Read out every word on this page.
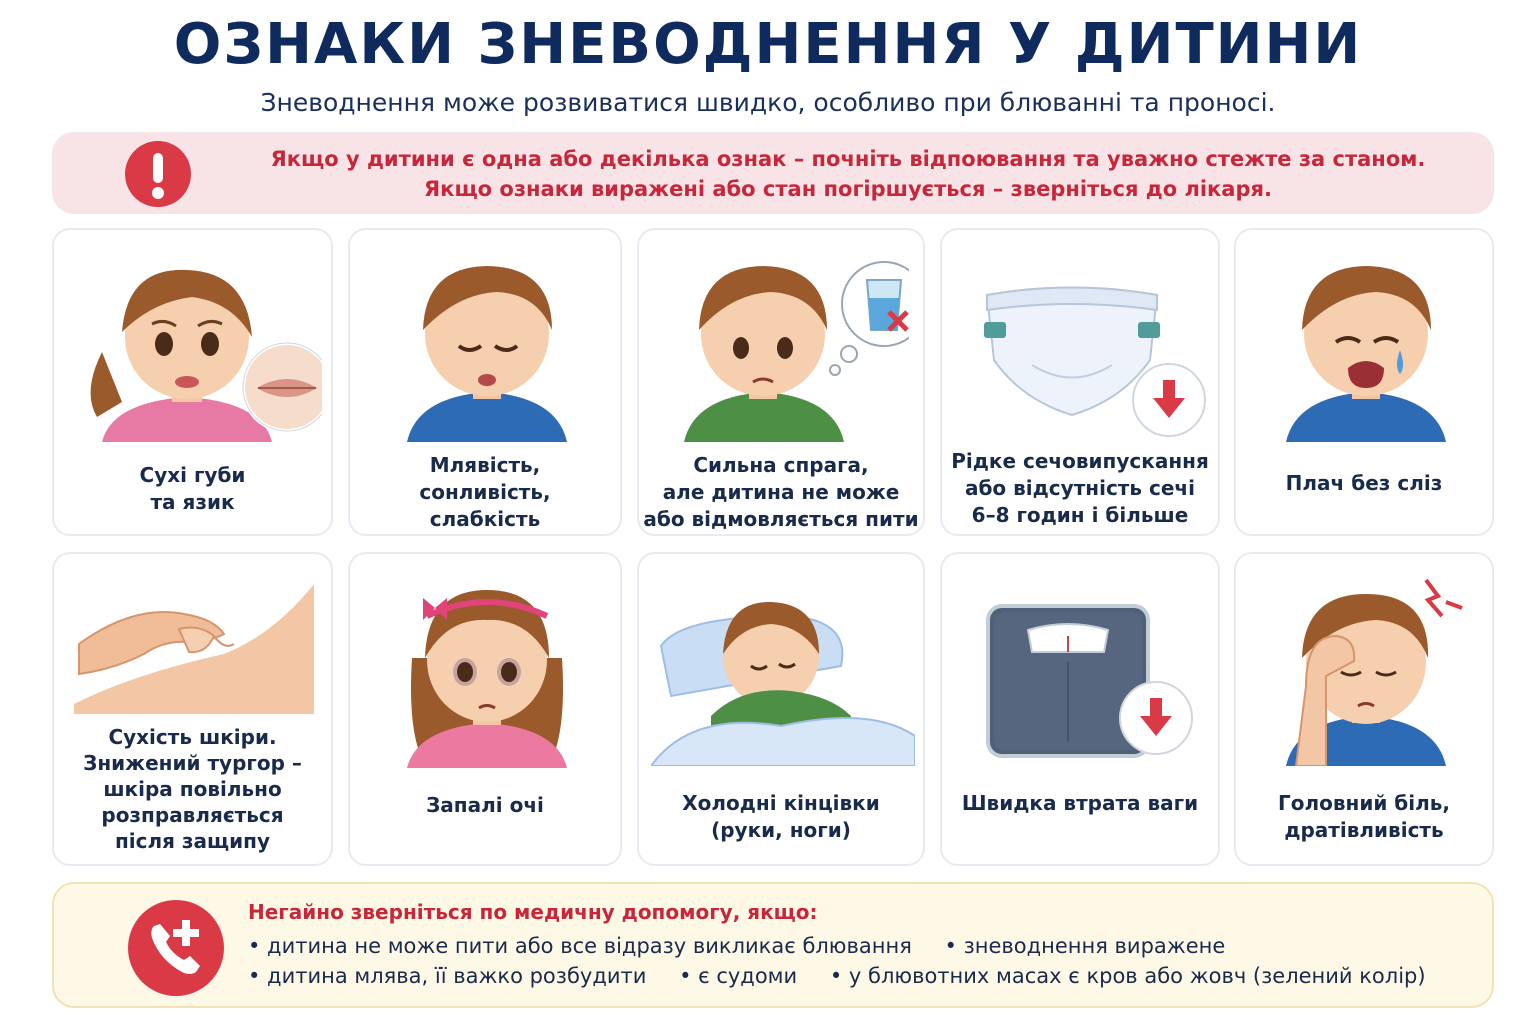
ОЗНАКИ ЗНЕВОДНЕННЯ У ДИТИНИ
Зневоднення може розвиватися швидко, особливо при блюванні та проносі.
Якщо у дитини є одна або декілька ознак – почніть відпоювання та уважно стежте за станом.
Якщо ознаки виражені або стан погіршується – зверніться до лікаря.
Сухі губи
та язик
Млявість,
сонливість,
слабкість
Сильна спрага,
але дитина не може
або відмовляється пити
Рідке сечовипускання
або відсутність сечі
6–8 годин і більше
Плач без сліз
Сухість шкіри.
Знижений тургор –
шкіра повільно
розправляється
після защипу
Запалі очі	Холодні кінцівки
(руки, ноги)
Швидка втрата ваги	Головний біль,
дратівливість
Негайно зверніться по медичну допомогу, якщо:
• дитина не може пити або все відразу викликає блювання • зневоднення виражене
• дитина млява, її важко розбудити • є судоми • у блювотних масах є кров або жовч (зелений колір)
